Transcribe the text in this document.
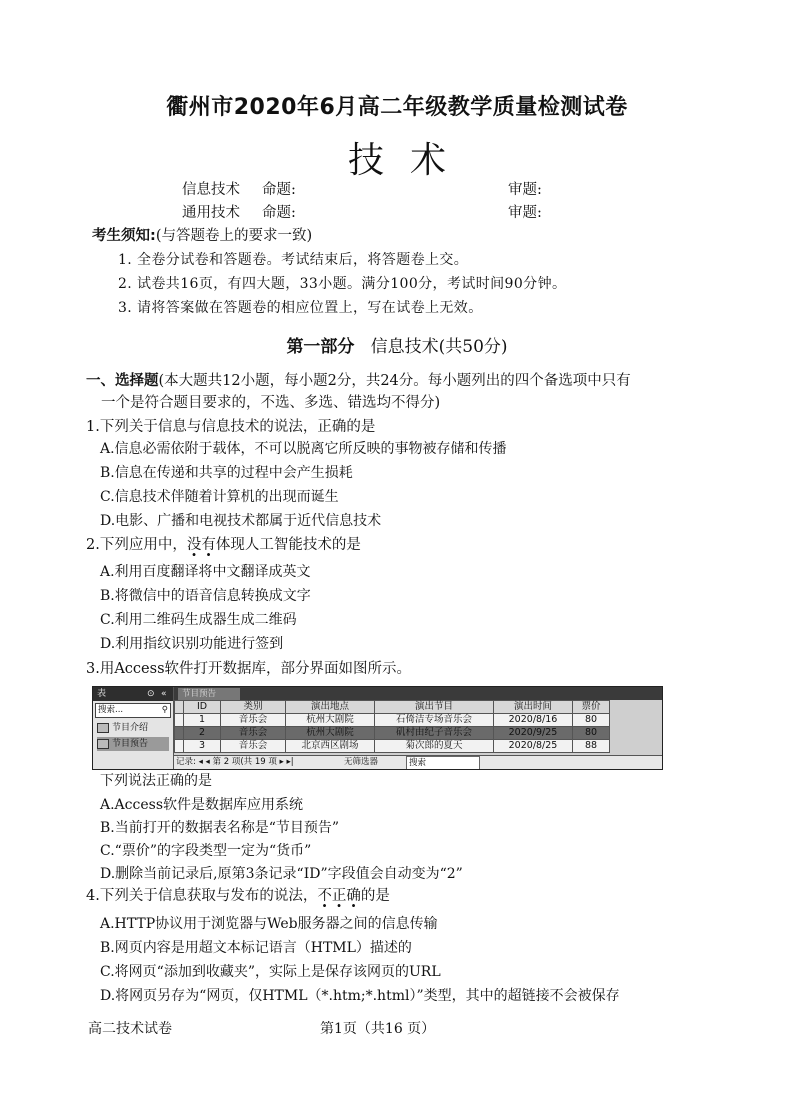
衢州市2020年6月高二年级教学质量检测试卷
技术
信息技术 命题:	审题:
通用技术 命题:	审题:
考生须知:(与答题卷上的要求一致)
1. 全卷分试卷和答题卷。考试结束后，将答题卷上交。
2. 试卷共16页，有四大题，33小题。满分100分，考试时间90分钟。
3. 请将答案做在答题卷的相应位置上，写在试卷上无效。
第一部分 信息技术(共50分)
一、选择题(本大题共12小题，每小题2分，共24分。每小题列出的四个备选项中只有
一个是符合题目要求的，不选、多选、错选均不得分)
1.下列关于信息与信息技术的说法，正确的是
A.信息必需依附于载体，不可以脱离它所反映的事物被存储和传播
B.信息在传递和共享的过程中会产生损耗
C.信息技术伴随着计算机的出现而诞生
D.电影、广播和电视技术都属于近代信息技术
2.下列应用中，没有体现人工智能技术的是
A.利用百度翻译将中文翻译成英文
B.将微信中的语音信息转换成文字
C.利用二维码生成器生成二维码
D.利用指纹识别功能进行签到
3.用Access软件打开数据库，部分界面如图所示。
表	⊙ «
搜索...	⚲
节目介绍
节目预告
节目预告
	ID	类别	演出地点	演出节目	演出时间	票价
	1	音乐会	杭州大剧院	石倚洁专场音乐会	2020/8/16	80
	2	音乐会	杭州大剧院	矶村由纪子音乐会	2020/9/25	80
	3	音乐会	北京西区剧场	菊次郎的夏天	2020/8/25	88
记录: ◂ ◂ 第 2 项(共 19 项 ▸ ▸|	无筛选器	搜索
下列说法正确的是
A.Access软件是数据库应用系统
B.当前打开的数据表名称是“节目预告”
C.“票价”的字段类型一定为“货币”
D.删除当前记录后,原第3条记录“ID”字段值会自动变为“2”
4.下列关于信息获取与发布的说法，不正确的是
A.HTTP协议用于浏览器与Web服务器之间的信息传输
B.网页内容是用超文本标记语言（HTML）描述的
C.将网页“添加到收藏夹”，实际上是保存该网页的URL
D.将网页另存为“网页，仅HTML（*.htm;*.html）”类型，其中的超链接不会被保存
高二技术试卷	第1页（共16 页）
